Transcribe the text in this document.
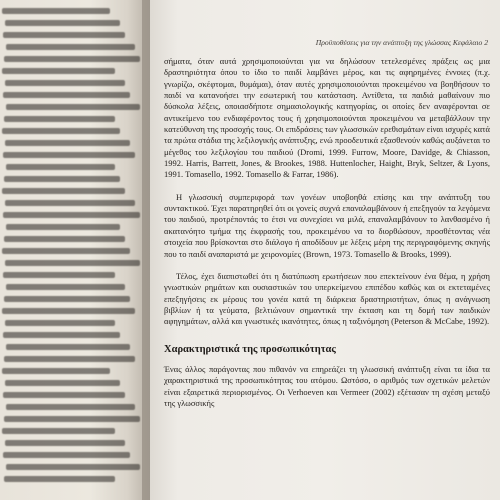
Προϋποθέσεις για την ανάπτυξη της γλώσσας Κεφάλαιο 2

σήματα, όταν αυτά χρησιμοποιούνται για να δηλώσουν τετελεσμένες πράξεις ως μια δραστηριότητα όπου το ίδιο το παιδί λαμβάνει μέρος, και τις αφηρημένες έννοιες (π.χ. γνωρίζω, σκέφτομαι, θυμάμαι), όταν αυτές χρησιμοποιούνται προκειμένου να βοηθήσουν το παιδί να κατανοήσει την εσωτερική του κατάσταση. Αντίθετα, τα παιδιά μαθαίνουν πιο δύσκολα λέξεις, οποιασδήποτε σημασιολογικής κατηγορίας, οι οποίες δεν αναφέρονται σε αντικείμενο του ενδιαφέροντος τους ή χρησιμοποιούνται προκειμένου να μεταβάλλουν την κατεύθυνση της προσοχής τους. Οι επιδράσεις των γλωσσικών ερεθισμάτων είναι ισχυρές κατά τα πρώτα στάδια της λεξιλογικής ανάπτυξης, ενώ προοδευτικά εξασθενούν καθώς αυξάνεται το μέγεθος του λεξιλογίου του παιδιού (Dromi, 1999. Furrow, Moore, Davidge, & Chiasson, 1992. Harris, Barrett, Jones, & Brookes, 1988. Huttenlocher, Haight, Bryk, Seltzer, & Lyons, 1991. Tomasello, 1992. Tomasello & Farrar, 1986).

Η γλωσσική συμπεριφορά των γονέων υποβοηθά επίσης και την ανάπτυξη του συντακτικού. Έχει παρατηρηθεί ότι οι γονείς συχνά επαναλαμβάνουν ή επεξηγούν τα λεγόμενα του παιδιού, προτρέποντάς το έτσι να συνεχίσει να μιλά, επαναλαμβάνουν το λανθασμένο ή ακατανόητο τμήμα της έκφρασής του, προκειμένου να το διορθώσουν, προσθέτοντας νέα στοιχεία που βρίσκονται στο διάλογο ή αποδίδουν με λέξεις μέρη της περιγραφόμενης σκηνής που το παιδί αναπαριστά με χειρονομίες (Brown, 1973. Tomasello & Brooks, 1999).

Τέλος, έχει διαπιστωθεί ότι η διατύπωση ερωτήσεων που επεκτείνουν ένα θέμα, η χρήση γνωστικών ρημάτων και ουσιαστικών του υπερκείμενου επιπέδου καθώς και οι εκτεταμένες επεξηγήσεις εκ μέρους του γονέα κατά τη διάρκεια δραστηριοτήτων, όπως η ανάγνωση βιβλίων ή τα γεύματα, βελτιώνουν σημαντικά την έκταση και τη δομή των παιδικών αφηγημάτων, αλλά και γνωστικές ικανότητες, όπως η ταξινόμηση (Peterson & McCabe, 1992).

Χαρακτηριστικά της προσωπικότητας

Ένας άλλος παράγοντας που πιθανόν να επηρεάζει τη γλωσσική ανάπτυξη είναι τα ίδια τα χαρακτηριστικά της προσωπικότητας του ατόμου. Ωστόσο, ο αριθμός των σχετικών μελετών είναι εξαιρετικά περιορισμένος. Οι Verhoeven και Vermeer (2002) εξέτασαν τη σχέση μεταξύ της γλωσσικής
